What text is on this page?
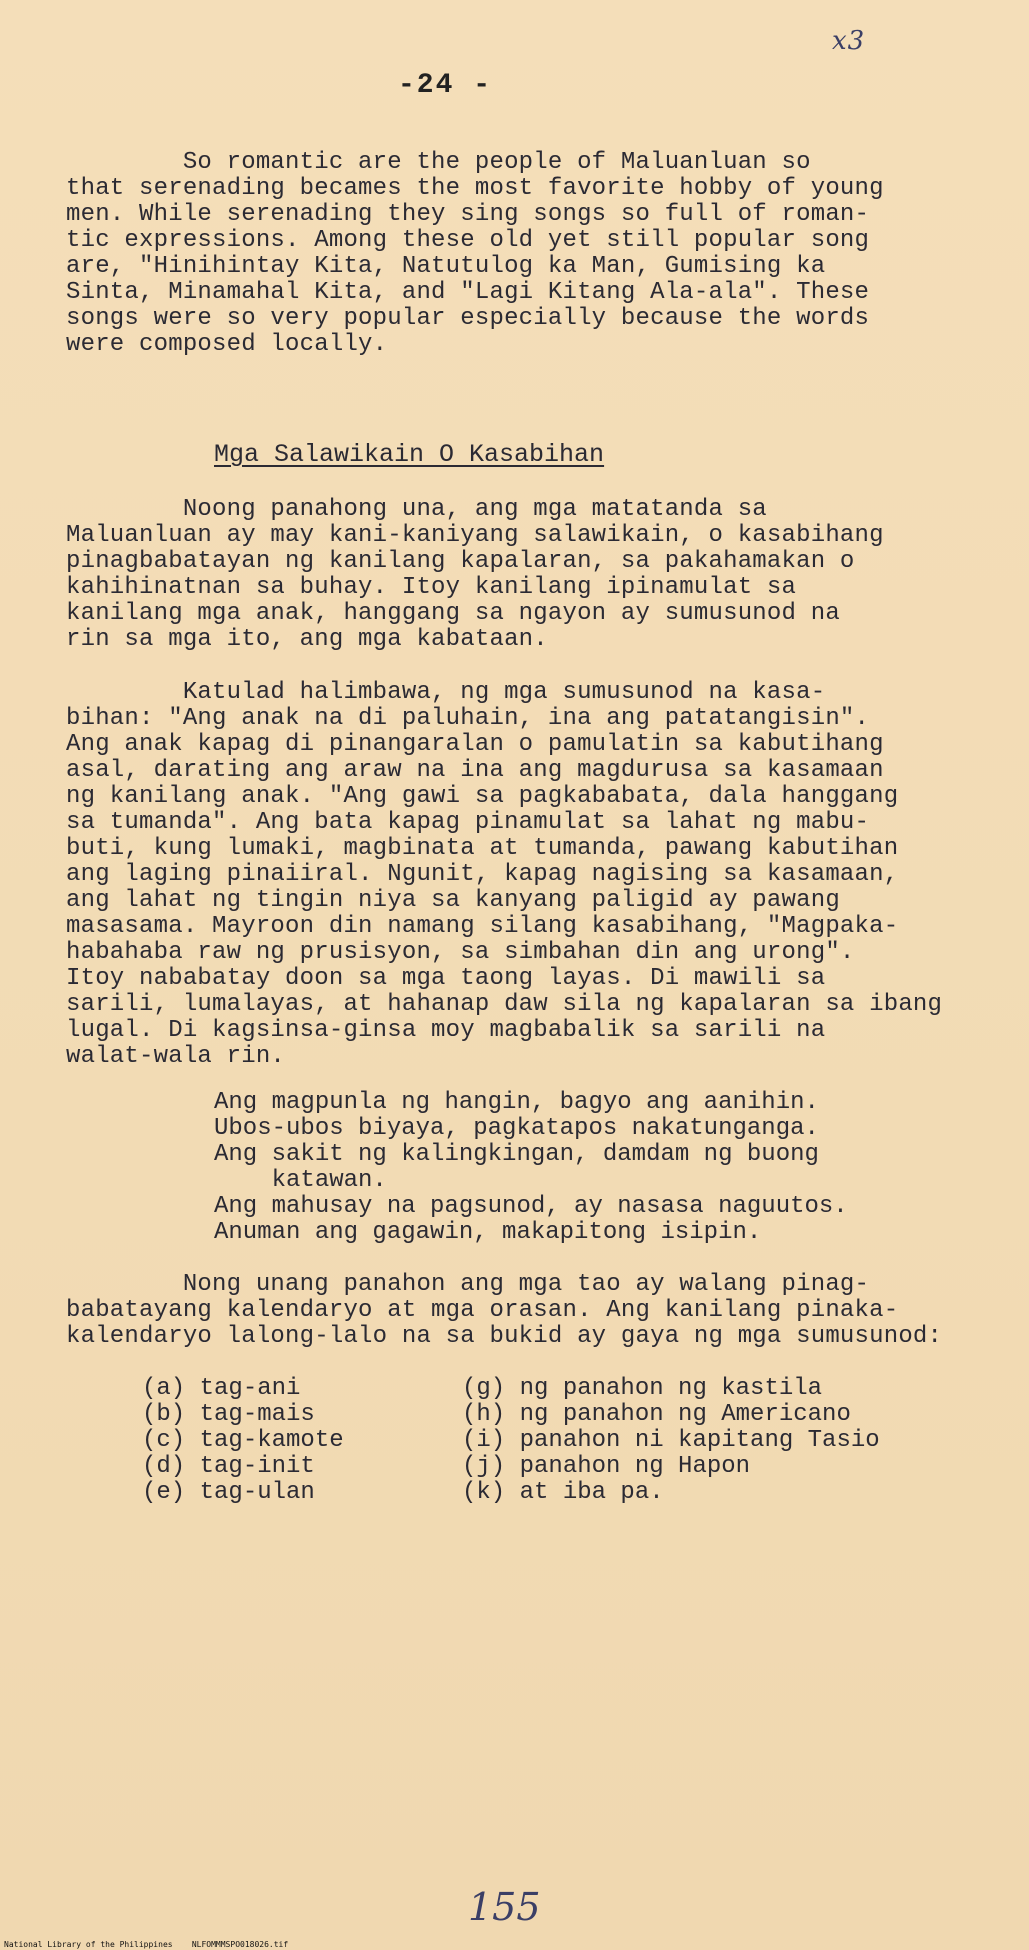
x3
-24 -
So romantic are the people of Maluanluan so
that serenading becames the most favorite hobby of young
men. While serenading they sing songs so full of roman-
tic expressions. Among these old yet still popular song
are, "Hinihintay Kita, Natutulog ka Man, Gumising ka
Sinta, Minamahal Kita, and "Lagi Kitang Ala-ala". These
songs were so very popular especially because the words
were composed locally.
Mga Salawikain O Kasabihan
Noong panahong una, ang mga matatanda sa
Maluanluan ay may kani-kaniyang salawikain, o kasabihang
pinagbabatayan ng kanilang kapalaran, sa pakahamakan o
kahihinatnan sa buhay. Itoy kanilang ipinamulat sa
kanilang mga anak, hanggang sa ngayon ay sumusunod na
rin sa mga ito, ang mga kabataan.
Katulad halimbawa, ng mga sumusunod na kasa-
bihan: "Ang anak na di paluhain, ina ang patatangisin".
Ang anak kapag di pinangaralan o pamulatin sa kabutihang
asal, darating ang araw na ina ang magdurusa sa kasamaan
ng kanilang anak. "Ang gawi sa pagkababata, dala hanggang
sa tumanda". Ang bata kapag pinamulat sa lahat ng mabu-
buti, kung lumaki, magbinata at tumanda, pawang kabutihan
ang laging pinaiiral. Ngunit, kapag nagising sa kasamaan,
ang lahat ng tingin niya sa kanyang paligid ay pawang
masasama. Mayroon din namang silang kasabihang, "Magpaka-
habahaba raw ng prusisyon, sa simbahan din ang urong".
Itoy nababatay doon sa mga taong layas. Di mawili sa
sarili, lumalayas, at hahanap daw sila ng kapalaran sa ibang
lugal. Di kagsinsa-ginsa moy magbabalik sa sarili na
walat-wala rin.
Ang magpunla ng hangin, bagyo ang aanihin.
Ubos-ubos biyaya, pagkatapos nakatunganga.
Ang sakit ng kalingkingan, damdam ng buong
katawan.
Ang mahusay na pagsunod, ay nasasa naguutos.
Anuman ang gagawin, makapitong isipin.
Nong unang panahon ang mga tao ay walang pinag-
babatayang kalendaryo at mga orasan. Ang kanilang pinaka-
kalendaryo lalong-lalo na sa bukid ay gaya ng mga sumusunod:
(a) tag-ani
(b) tag-mais
(c) tag-kamote
(d) tag-init
(e) tag-ulan
(g) ng panahon ng kastila
(h) ng panahon ng Americano
(i) panahon ni kapitang Tasio
(j) panahon ng Hapon
(k) at iba pa.
155
National Library of the Philippines    NLFOMMMSPO018026.tif
